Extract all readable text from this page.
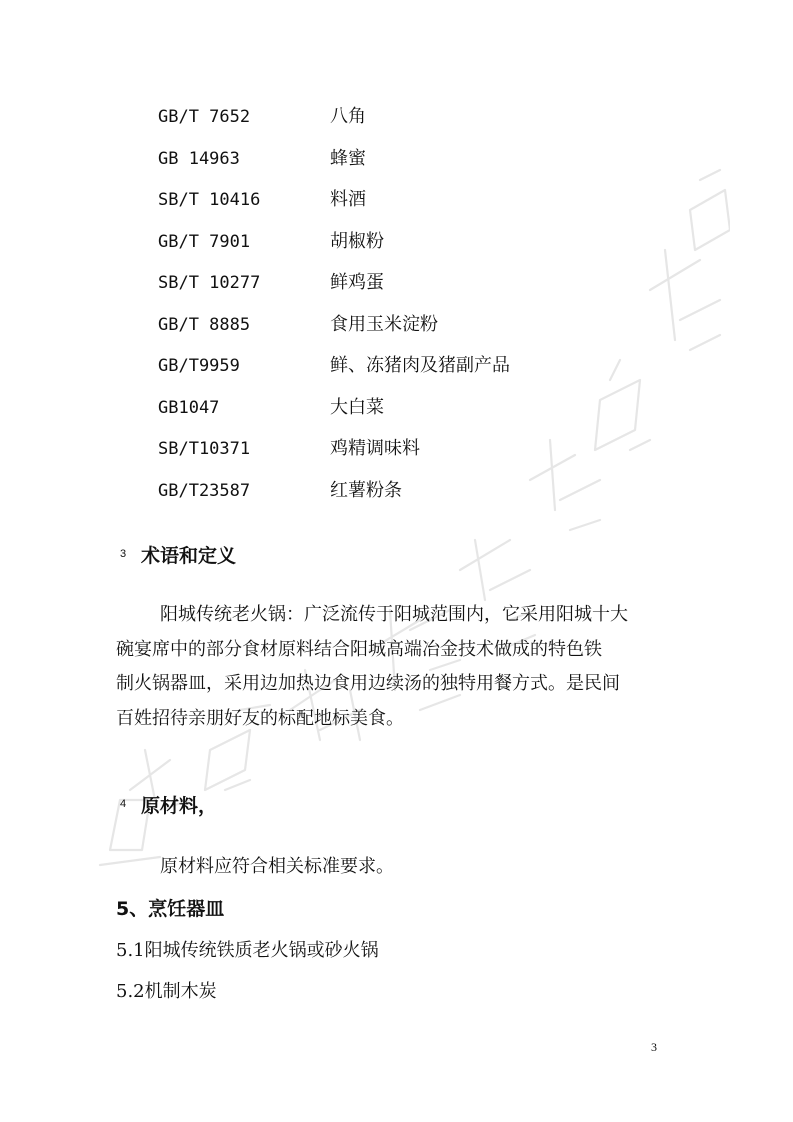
GB/T 7652	八角
GB 14963	蜂蜜
SB/T 10416	料酒
GB/T 7901	胡椒粉
SB/T 10277	鲜鸡蛋
GB/T 8885	食用玉米淀粉
GB/T9959	鲜、冻猪肉及猪副产品
GB1047	大白菜
SB/T10371	鸡精调味料
GB/T23587	红薯粉条
3 术语和定义
阳城传统老火锅：广泛流传于阳城范围内，它采用阳城十大
碗宴席中的部分食材原料结合阳城高端冶金技术做成的特色铁
制火锅器皿，采用边加热边食用边续汤的独特用餐方式。是民间
百姓招待亲朋好友的标配地标美食。
4 原材料，
原材料应符合相关标准要求。
5、烹饪器皿
5.1阳城传统铁质老火锅或砂火锅
5.2机制木炭
3
